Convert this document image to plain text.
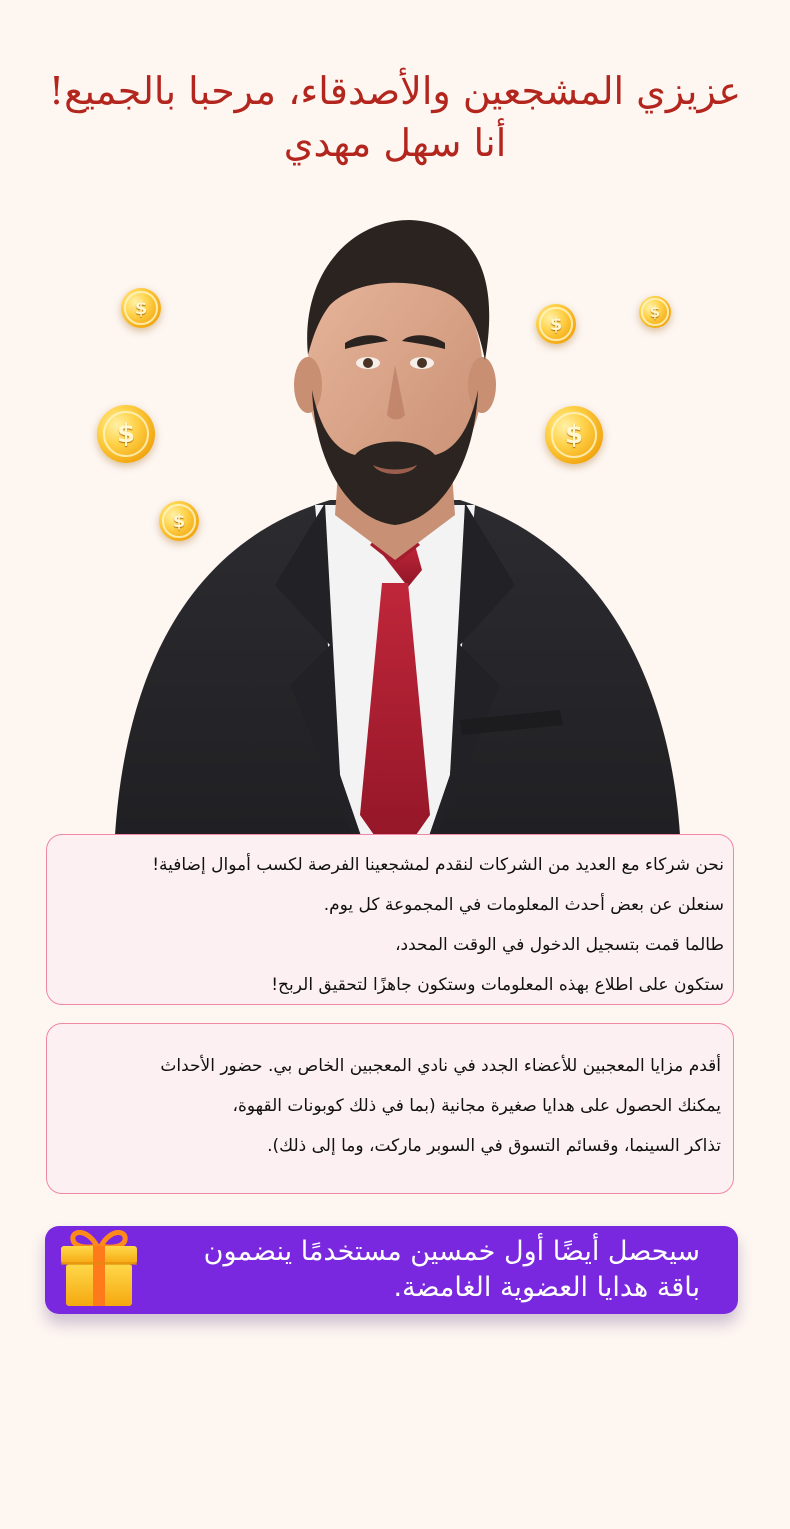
عزيزي المشجعين والأصدقاء، مرحبا بالجميع!
أنا سهل مهدي
$
$
$
$
$
$

نحن شركاء مع العديد من الشركات لنقدم لمشجعينا الفرصة لكسب أموال إضافية!

سنعلن عن بعض أحدث المعلومات في المجموعة كل يوم.

طالما قمت بتسجيل الدخول في الوقت المحدد،

ستكون على اطلاع بهذه المعلومات وستكون جاهزًا لتحقيق الربح!

أقدم مزايا المعجبين للأعضاء الجدد في نادي المعجبين الخاص بي. حضور الأحداث

يمكنك الحصول على هدايا صغيرة مجانية (بما في ذلك كوبونات القهوة،

تذاكر السينما، وقسائم التسوق في السوبر ماركت، وما إلى ذلك).

سيحصل أيضًا أول خمسين مستخدمًا ينضمون

باقة هدايا العضوية الغامضة.
